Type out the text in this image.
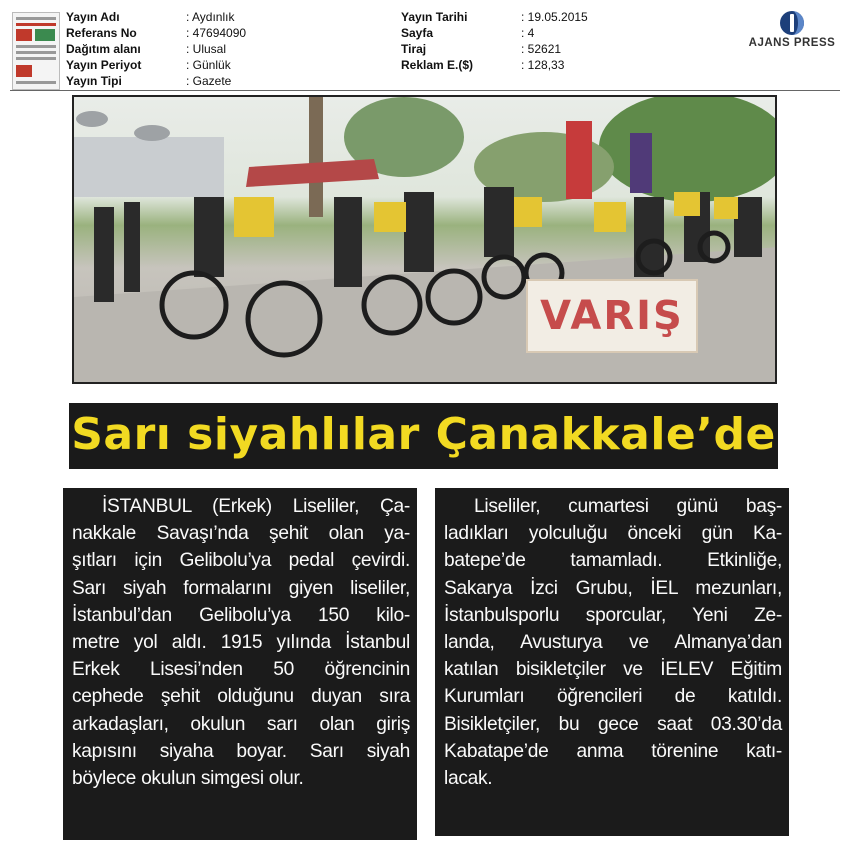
Yayın Adı	: Aydınlık
Referans No	: 47694090
Dağıtım alanı	: Ulusal
Yayın Periyot	: Günlük
Yayın Tipi	: Gazete
Yayın Tarihi	: 19.05.2015
Sayfa	: 4
Tiraj	: 52621
Reklam E.($)	: 128,33
AJANS PRESS
VARIŞ
Sarı siyahlılar Çanakkale’de
İSTANBUL (Erkek) Liseliler, Ça-
nakkale Savaşı’nda şehit olan ya-
şıtları için Gelibolu’ya pedal çevirdi.
Sarı siyah formalarını giyen liseliler,
İstanbul’dan Gelibolu’ya 150 kilo-
metre yol aldı. 1915 yılında İstanbul
Erkek Lisesi’nden 50 öğrencinin
cephede şehit olduğunu duyan sıra
arkadaşları, okulun sarı olan giriş
kapısını siyaha boyar. Sarı siyah
böylece okulun simgesi olur.
Liseliler, cumartesi günü baş-
ladıkları yolculuğu önceki gün Ka-
batepe’de tamamladı. Etkinliğe,
Sakarya İzci Grubu, İEL mezunları,
İstanbulsporlu sporcular, Yeni Ze-
landa, Avusturya ve Almanya’dan
katılan bisikletçiler ve İELEV Eğitim
Kurumları öğrencileri de katıldı.
Bisikletçiler, bu gece saat 03.30’da
Kabatape’de anma törenine katı-
lacak.
